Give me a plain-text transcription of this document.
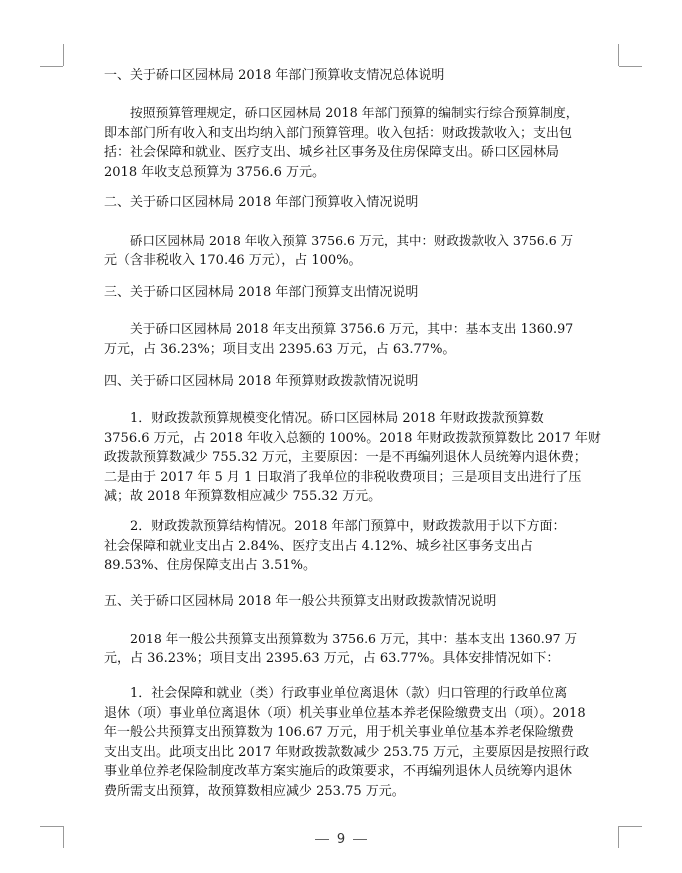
一、关于硚口区园林局 2018 年部门预算收支情况总体说明
按照预算管理规定，硚口区园林局 2018 年部门预算的编制实行综合预算制度，
即本部门所有收入和支出均纳入部门预算管理。收入包括：财政拨款收入；支出包
括：社会保障和就业、医疗支出、城乡社区事务及住房保障支出。硚口区园林局
2018 年收支总预算为 3756.6 万元。
二、关于硚口区园林局 2018 年部门预算收入情况说明
硚口区园林局 2018 年收入预算 3756.6 万元，其中：财政拨款收入 3756.6 万
元（含非税收入 170.46 万元），占 100%。
三、关于硚口区园林局 2018 年部门预算支出情况说明
关于硚口区园林局 2018 年支出预算 3756.6 万元，其中：基本支出 1360.97
万元，占 36.23%；项目支出 2395.63 万元，占 63.77%。
四、关于硚口区园林局 2018 年预算财政拨款情况说明
1．财政拨款预算规模变化情况。硚口区园林局 2018 年财政拨款预算数
3756.6 万元，占 2018 年收入总额的 100%。2018 年财政拨款预算数比 2017 年财
政拨款预算数减少 755.32 万元，主要原因：一是不再编列退休人员统筹内退休费；
二是由于 2017 年 5 月 1 日取消了我单位的非税收费项目；三是项目支出进行了压
减；故 2018 年预算数相应减少 755.32 万元。
2．财政拨款预算结构情况。2018 年部门预算中，财政拨款用于以下方面：
社会保障和就业支出占 2.84%、医疗支出占 4.12%、城乡社区事务支出占
89.53%、住房保障支出占 3.51%。
五、关于硚口区园林局 2018 年一般公共预算支出财政拨款情况说明
2018 年一般公共预算支出预算数为 3756.6 万元，其中：基本支出 1360.97 万
元，占 36.23%；项目支出 2395.63 万元，占 63.77%。具体安排情况如下：
1．社会保障和就业（类）行政事业单位离退休（款）归口管理的行政单位离
退休（项）事业单位离退休（项）机关事业单位基本养老保险缴费支出（项）。2018
年一般公共预算支出预算数为 106.67 万元，用于机关事业单位基本养老保险缴费
支出支出。此项支出比 2017 年财政拨款数减少 253.75 万元，主要原因是按照行政
事业单位养老保险制度改革方案实施后的政策要求，不再编列退休人员统筹内退休
费所需支出预算，故预算数相应减少 253.75 万元。
9
